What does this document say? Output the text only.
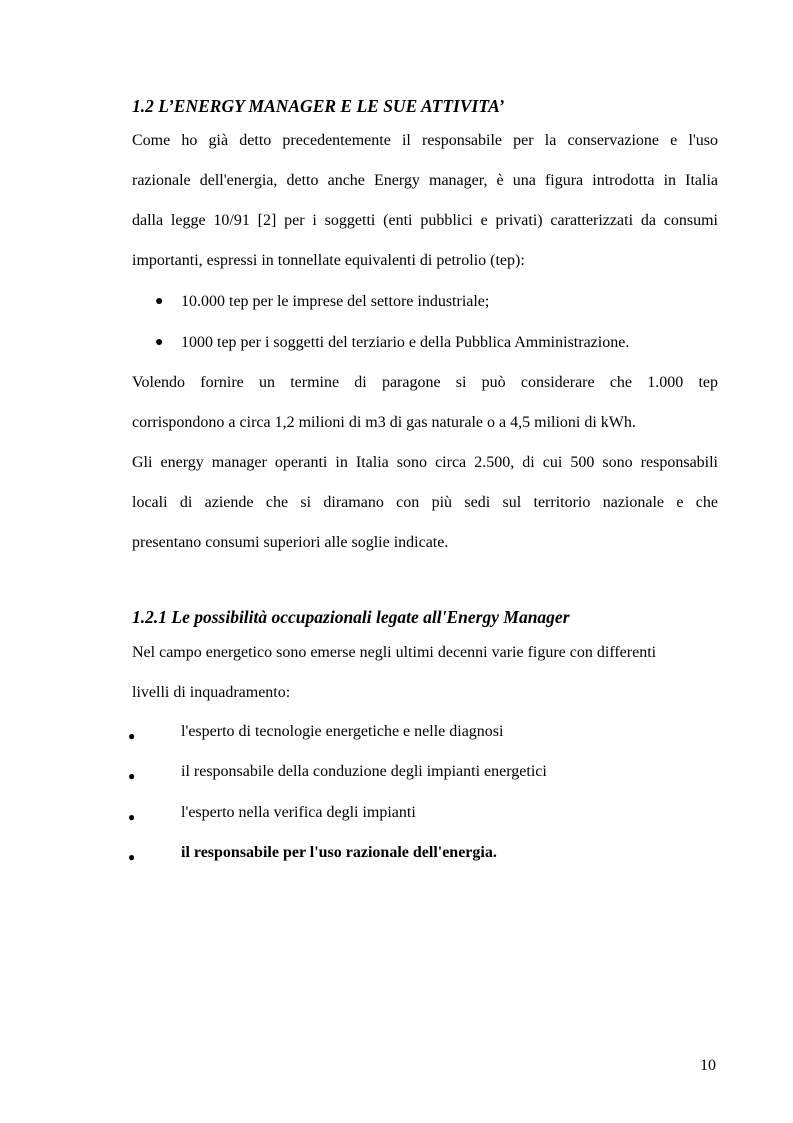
1.2 L’ENERGY MANAGER E LE SUE ATTIVITA’
Come ho già detto precedentemente il responsabile per la conservazione e l'uso
razionale dell'energia, detto anche Energy manager, è una figura introdotta in Italia
dalla legge 10/91 [2] per i soggetti (enti pubblici e privati) caratterizzati da consumi
importanti, espressi in tonnellate equivalenti di petrolio (tep):
● 10.000 tep per le imprese del settore industriale;
● 1000 tep per i soggetti del terziario e della Pubblica Amministrazione.
Volendo fornire un termine di paragone si può considerare che 1.000 tep
corrispondono a circa 1,2 milioni di m3 di gas naturale o a 4,5 milioni di kWh.
Gli energy manager operanti in Italia sono circa 2.500, di cui 500 sono responsabili
locali di aziende che si diramano con più sedi sul territorio nazionale e che
presentano consumi superiori alle soglie indicate.
1.2.1 Le possibilità occupazionali legate all'Energy Manager
Nel campo energetico sono emerse negli ultimi decenni varie figure con differenti
livelli di inquadramento:
●	l'esperto di tecnologie energetiche e nelle diagnosi
●	il responsabile della conduzione degli impianti energetici
●	l'esperto nella verifica degli impianti
●	il responsabile per l'uso razionale dell'energia.
10
